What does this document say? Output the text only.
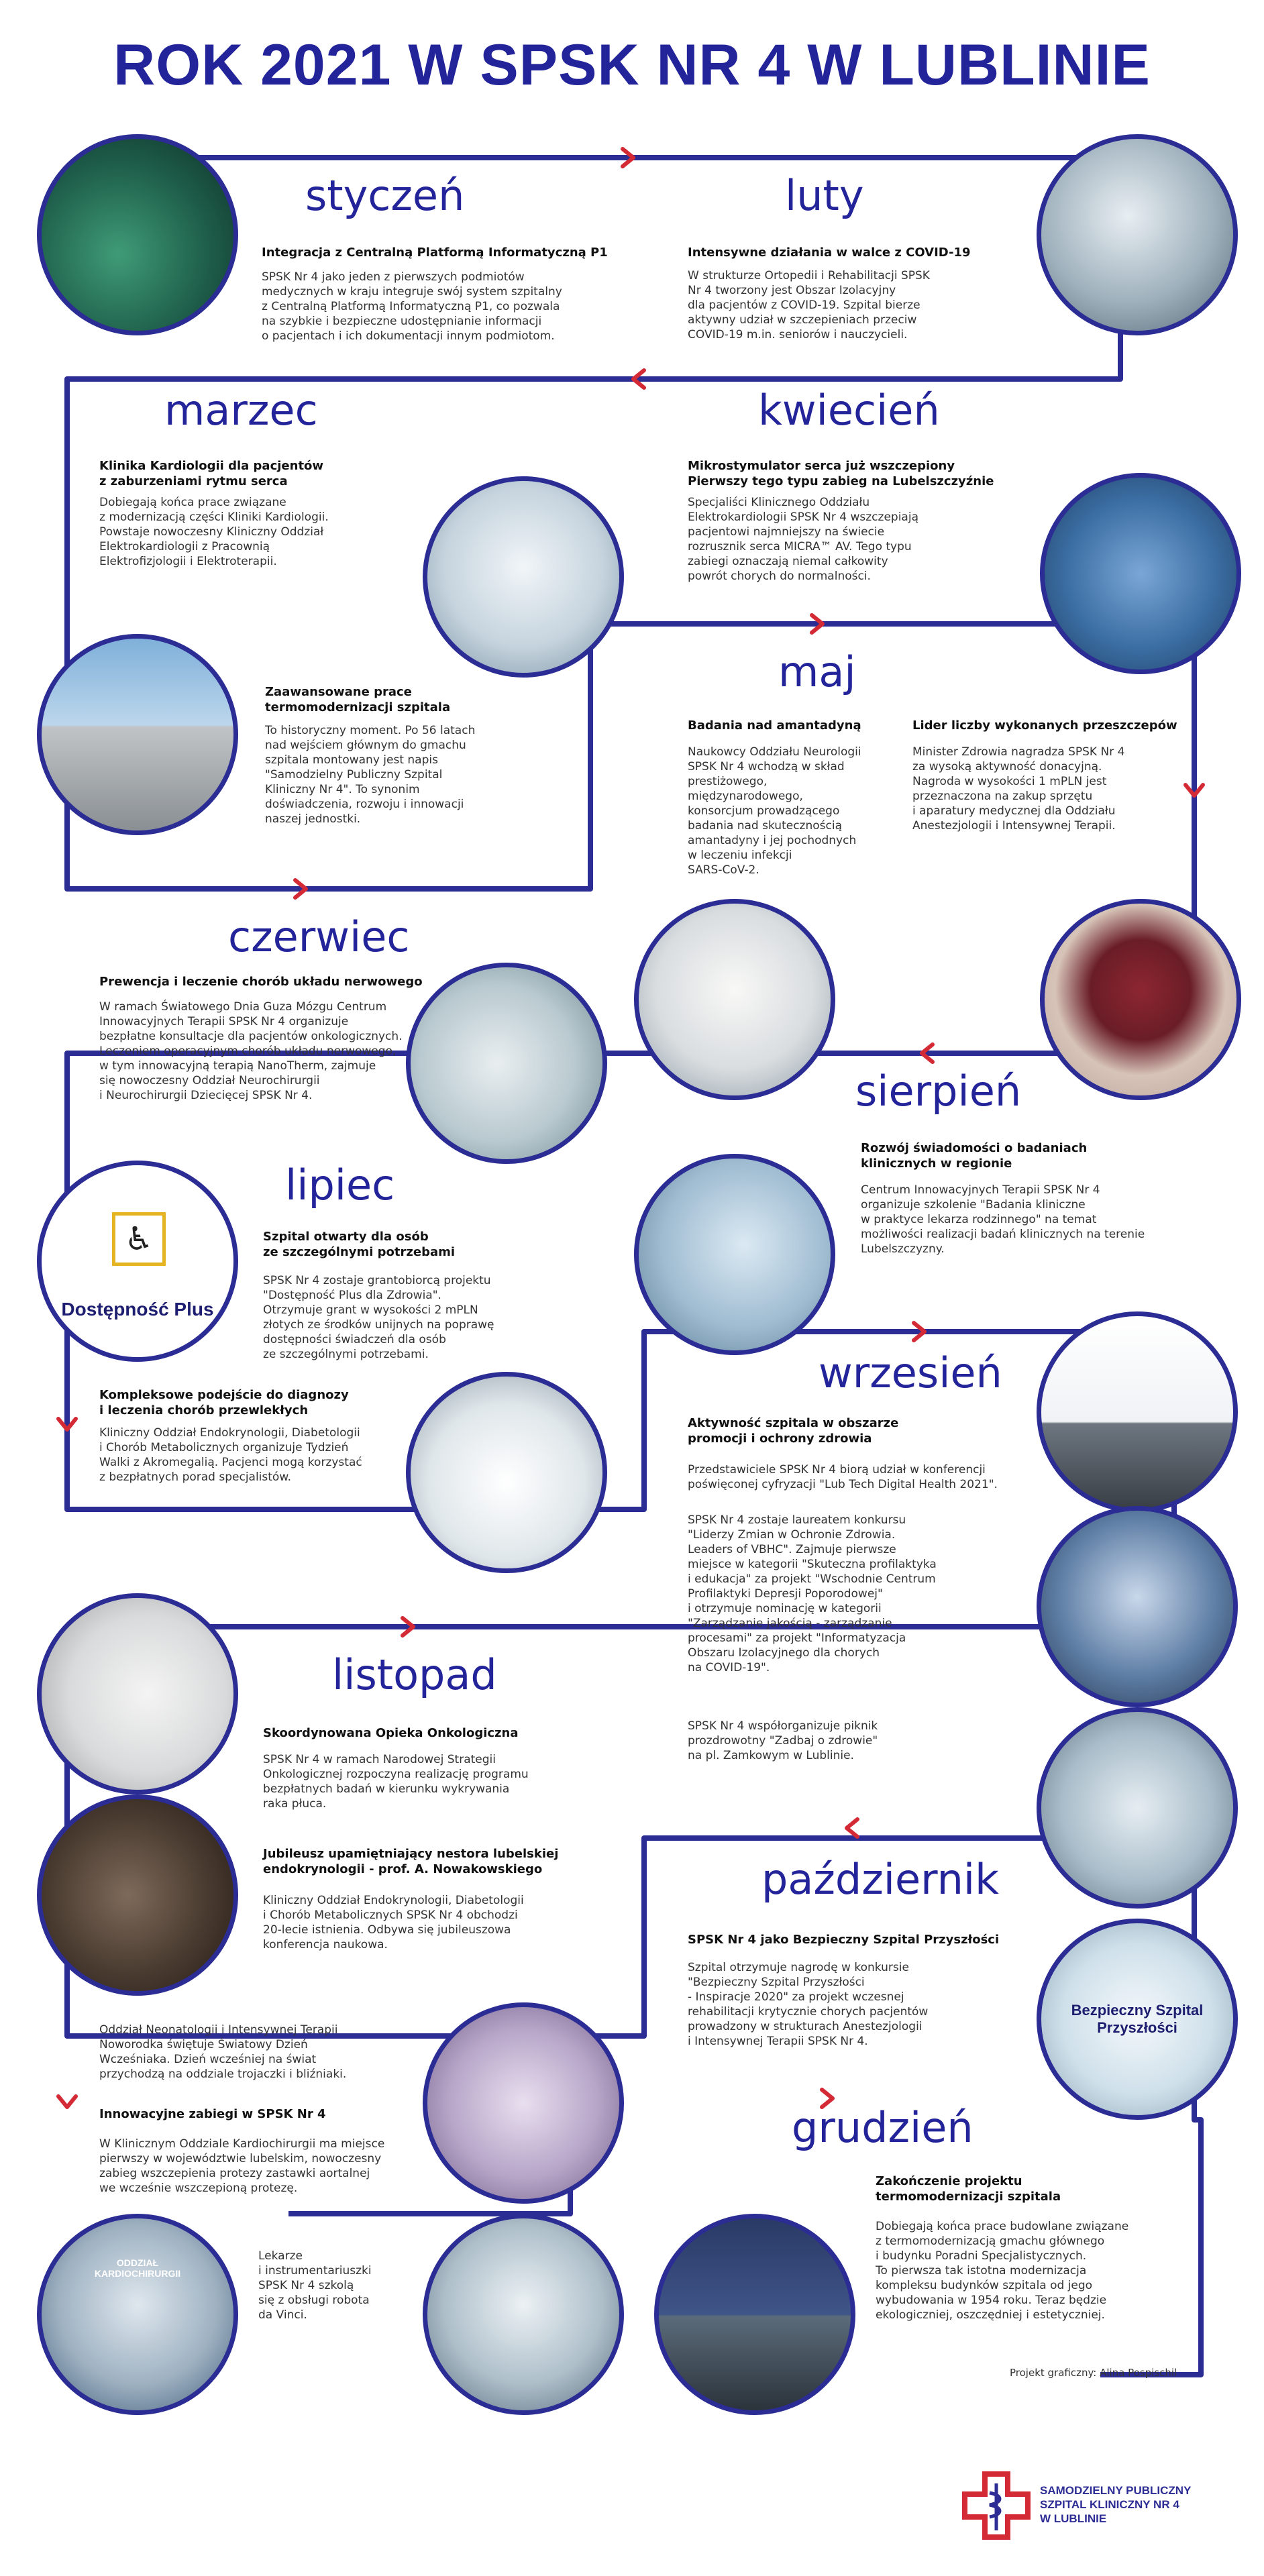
ROK 2021 W SPSK NR 4 W LUBLINIE
styczeń	luty
marzec	kwiecień
maj
czerwiec
sierpień
lipiec
wrzesień
listopad
październik
grudzień
Integracja z Centralną Platformą Informatyczną P1
SPSK Nr 4 jako jeden z pierwszych podmiotów
medycznych w kraju integruje swój system szpitalny
z Centralną Platformą Informatyczną P1, co pozwala
na szybkie i bezpieczne udostępnianie informacji
o pacjentach i ich dokumentacji innym podmiotom.
Intensywne działania w walce z COVID-19
W strukturze Ortopedii i Rehabilitacji SPSK
Nr 4 tworzony jest Obszar Izolacyjny
dla pacjentów z COVID-19. Szpital bierze
aktywny udział w szczepieniach przeciw
COVID-19 m.in. seniorów i nauczycieli.
Klinika Kardiologii dla pacjentów
z zaburzeniami rytmu serca
Dobiegają końca prace związane
z modernizacją części Kliniki Kardiologii.
Powstaje nowoczesny Kliniczny Oddział
Elektrokardiologii z Pracownią
Elektrofizjologii i Elektroterapii.
Zaawansowane prace
termomodernizacji szpitala
To historyczny moment. Po 56 latach
nad wejściem głównym do gmachu
szpitala montowany jest napis
"Samodzielny Publiczny Szpital
Kliniczny Nr 4". To synonim
doświadczenia, rozwoju i innowacji
naszej jednostki.
Mikrostymulator serca już wszczepiony
Pierwszy tego typu zabieg na Lubelszczyźnie
Specjaliści Klinicznego Oddziału
Elektrokardiologii SPSK Nr 4 wszczepiają
pacjentowi najmniejszy na świecie
rozrusznik serca MICRA™ AV. Tego typu
zabiegi oznaczają niemal całkowity
powrót chorych do normalności.
Badania nad amantadyną
Naukowcy Oddziału Neurologii
SPSK Nr 4 wchodzą w skład
prestiżowego,
międzynarodowego,
konsorcjum prowadzącego
badania nad skutecznością
amantadyny i jej pochodnych
w leczeniu infekcji
SARS-CoV-2.
Lider liczby wykonanych przeszczepów
Minister Zdrowia nagradza SPSK Nr 4
za wysoką aktywność donacyjną.
Nagroda w wysokości 1 mPLN jest
przeznaczona na zakup sprzętu
i aparatury medycznej dla Oddziału
Anestezjologii i Intensywnej Terapii.
Prewencja i leczenie chorób układu nerwowego
W ramach Światowego Dnia Guza Mózgu Centrum
Innowacyjnych Terapii SPSK Nr 4 organizuje
bezpłatne konsultacje dla pacjentów onkologicznych.
Leczeniem operacyjnym chorób układu nerwowego,
w tym innowacyjną terapią NanoTherm, zajmuje
się nowoczesny Oddział Neurochirurgii
i Neurochirurgii Dziecięcej SPSK Nr 4.
Rozwój świadomości o badaniach
klinicznych w regionie
Centrum Innowacyjnych Terapii SPSK Nr 4
organizuje szkolenie "Badania kliniczne
w praktyce lekarza rodzinnego" na temat
możliwości realizacji badań klinicznych na terenie
Lubelszczyzny.
Szpital otwarty dla osób
ze szczególnymi potrzebami
SPSK Nr 4 zostaje grantobiorcą projektu
"Dostępność Plus dla Zdrowia".
Otrzymuje grant w wysokości 2 mPLN
złotych ze środków unijnych na poprawę
dostępności świadczeń dla osób
ze szczególnymi potrzebami.
Kompleksowe podejście do diagnozy
i leczenia chorób przewlekłych
Kliniczny Oddział Endokrynologii, Diabetologii
i Chorób Metabolicznych organizuje Tydzień
Walki z Akromegalią. Pacjenci mogą korzystać
z bezpłatnych porad specjalistów.
Aktywność szpitala w obszarze
promocji i ochrony zdrowia
Przedstawiciele SPSK Nr 4 biorą udział w konferencji
poświęconej cyfryzacji "Lub Tech Digital Health 2021".
SPSK Nr 4 zostaje laureatem konkursu
"Liderzy Zmian w Ochronie Zdrowia.
Leaders of VBHC". Zajmuje pierwsze
miejsce w kategorii "Skuteczna profilaktyka
i edukacja" za projekt "Wschodnie Centrum
Profilaktyki Depresji Poporodowej"
i otrzymuje nominację w kategorii
"Zarządzanie jakością - zarządzanie
procesami" za projekt "Informatyzacja
Obszaru Izolacyjnego dla chorych
na COVID-19".
SPSK Nr 4 współorganizuje piknik
prozdrowotny "Zadbaj o zdrowie"
na pl. Zamkowym w Lublinie.
Skoordynowana Opieka Onkologiczna
SPSK Nr 4 w ramach Narodowej Strategii
Onkologicznej rozpoczyna realizację programu
bezpłatnych badań w kierunku wykrywania
raka płuca.
Jubileusz upamiętniający nestora lubelskiej
endokrynologii - prof. A. Nowakowskiego
Kliniczny Oddział Endokrynologii, Diabetologii
i Chorób Metabolicznych SPSK Nr 4 obchodzi
20-lecie istnienia. Odbywa się jubileuszowa
konferencja naukowa.	SPSK Nr 4 jako Bezpieczny Szpital Przyszłości
Szpital otrzymuje nagrodę w konkursie
"Bezpieczny Szpital Przyszłości
- Inspiracje 2020" za projekt wczesnej
rehabilitacji krytycznie chorych pacjentów
prowadzony w strukturach Anestezjologii
i Intensywnej Terapii SPSK Nr 4.
Oddział Neonatologii i Intensywnej Terapii
Noworodka świętuje Światowy Dzień
Wcześniaka. Dzień wcześniej na świat
przychodzą na oddziale trojaczki i bliźniaki.
Innowacyjne zabiegi w SPSK Nr 4
W Klinicznym Oddziale Kardiochirurgii ma miejsce
pierwszy w województwie lubelskim, nowoczesny
zabieg wszczepienia protezy zastawki aortalnej
we wcześnie wszczepioną protezę.
Lekarze
i instrumentariuszki
SPSK Nr 4 szkolą
się z obsługi robota
da Vinci.
Zakończenie projektu
termomodernizacji szpitala
Dobiegają końca prace budowlane związane
z termomodernizacją gmachu głównego
i budynku Poradni Specjalistycznych.
To pierwsza tak istotna modernizacja
kompleksu budynków szpitala od jego
wybudowania w 1954 roku. Teraz będzie
ekologiczniej, oszczędniej i estetyczniej.
Dostępność Plus
♿
Bezpieczny Szpital
Przyszłości
ODDZIAŁ
KARDIOCHIRURGII
Projekt graficzny: Alina Pospischil
SAMODZIELNY PUBLICZNY
SZPITAL KLINICZNY NR 4
W LUBLINIE
